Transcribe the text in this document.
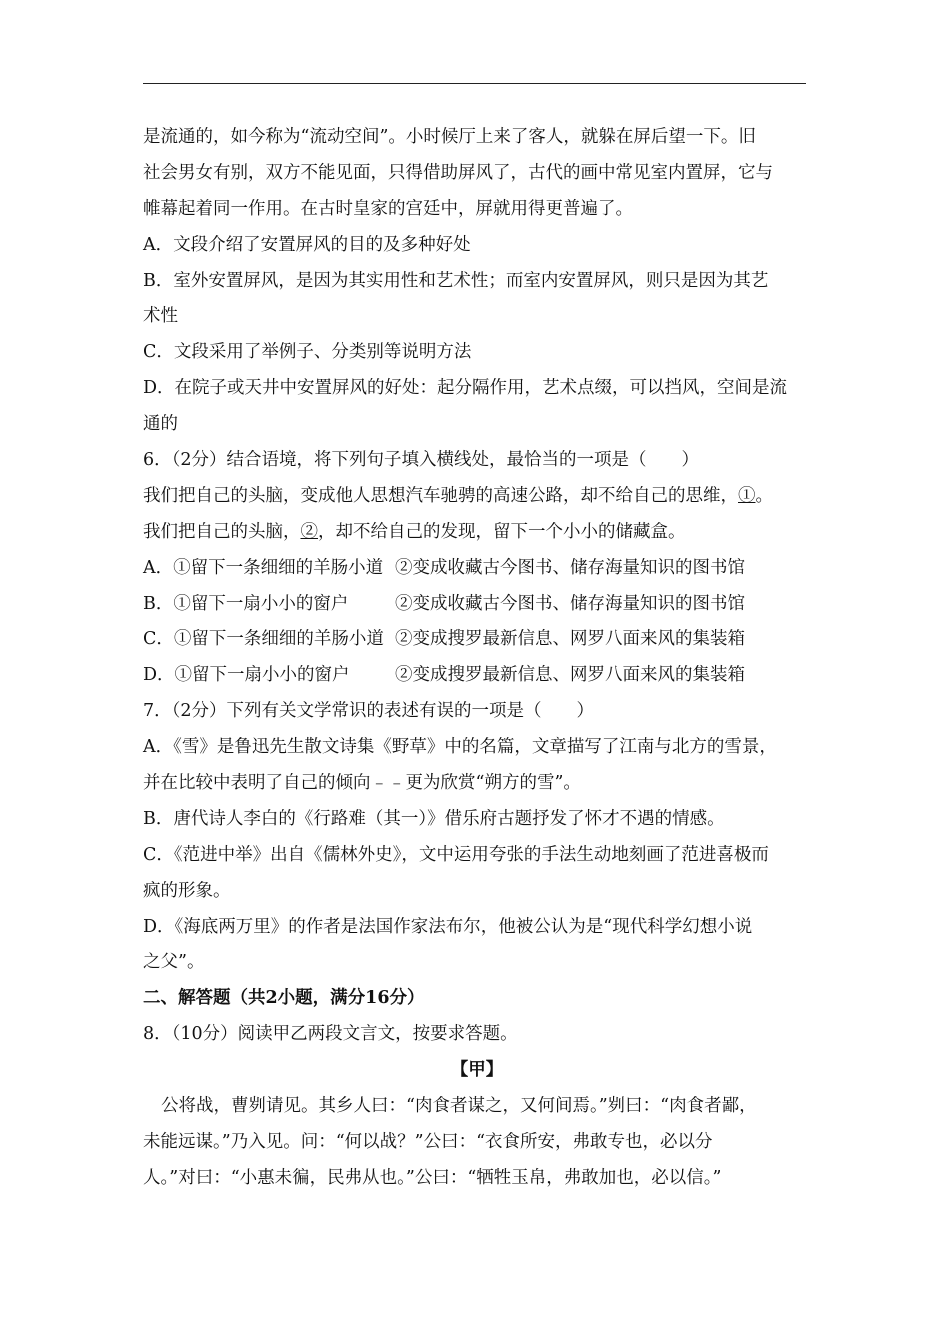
是流通的，如今称为“流动空间”。小时候厅上来了客人，就躲在屏后望一下。旧
社会男女有别，双方不能见面，只得借助屏风了，古代的画中常见室内置屏，它与
帷幕起着同一作用。在古时皇家的宫廷中，屏就用得更普遍了。
A．文段介绍了安置屏风的目的及多种好处
B．室外安置屏风，是因为其实用性和艺术性；而室内安置屏风，则只是因为其艺
术性
C．文段采用了举例子、分类别等说明方法
D．在院子或天井中安置屏风的好处：起分隔作用，艺术点缀，可以挡风，空间是流
通的
6．（2分）结合语境，将下列句子填入横线处，最恰当的一项是（　　）
我们把自己的头脑，变成他人思想汽车驰骋的高速公路，却不给自己的思维，①。
我们把自己的头脑，②，却不给自己的发现，留下一个小小的储藏盒。
A．①留下一条细细的羊肠小道 ②变成收藏古今图书、储存海量知识的图书馆
B．①留下一扇小小的窗户	②变成收藏古今图书、储存海量知识的图书馆
C．①留下一条细细的羊肠小道 ②变成搜罗最新信息、网罗八面来风的集装箱
D．①留下一扇小小的窗户	②变成搜罗最新信息、网罗八面来风的集装箱
7．（2分）下列有关文学常识的表述有误的一项是（　　）
A．《雪》是鲁迅先生散文诗集《野草》中的名篇，文章描写了江南与北方的雪景，
并在比较中表明了自己的倾向﹣﹣更为欣赏“朔方的雪”。
B．唐代诗人李白的《行路难（其一）》借乐府古题抒发了怀才不遇的情感。
C．《范进中举》出自《儒林外史》，文中运用夸张的手法生动地刻画了范进喜极而
疯的形象。
D．《海底两万里》的作者是法国作家法布尔，他被公认为是“现代科学幻想小说
之父”。
二、解答题（共2小题，满分16分）
8．（10分）阅读甲乙两段文言文，按要求答题。
【甲】
公将战，曹刿请见。其乡人曰：“肉食者谋之，又何间焉。”刿曰：“肉食者鄙，
未能远谋。”乃入见。问：“何以战？”公曰：“衣食所安，弗敢专也，必以分
人。”对曰：“小惠未徧，民弗从也。”公曰：“牺牲玉帛，弗敢加也，必以信。”
